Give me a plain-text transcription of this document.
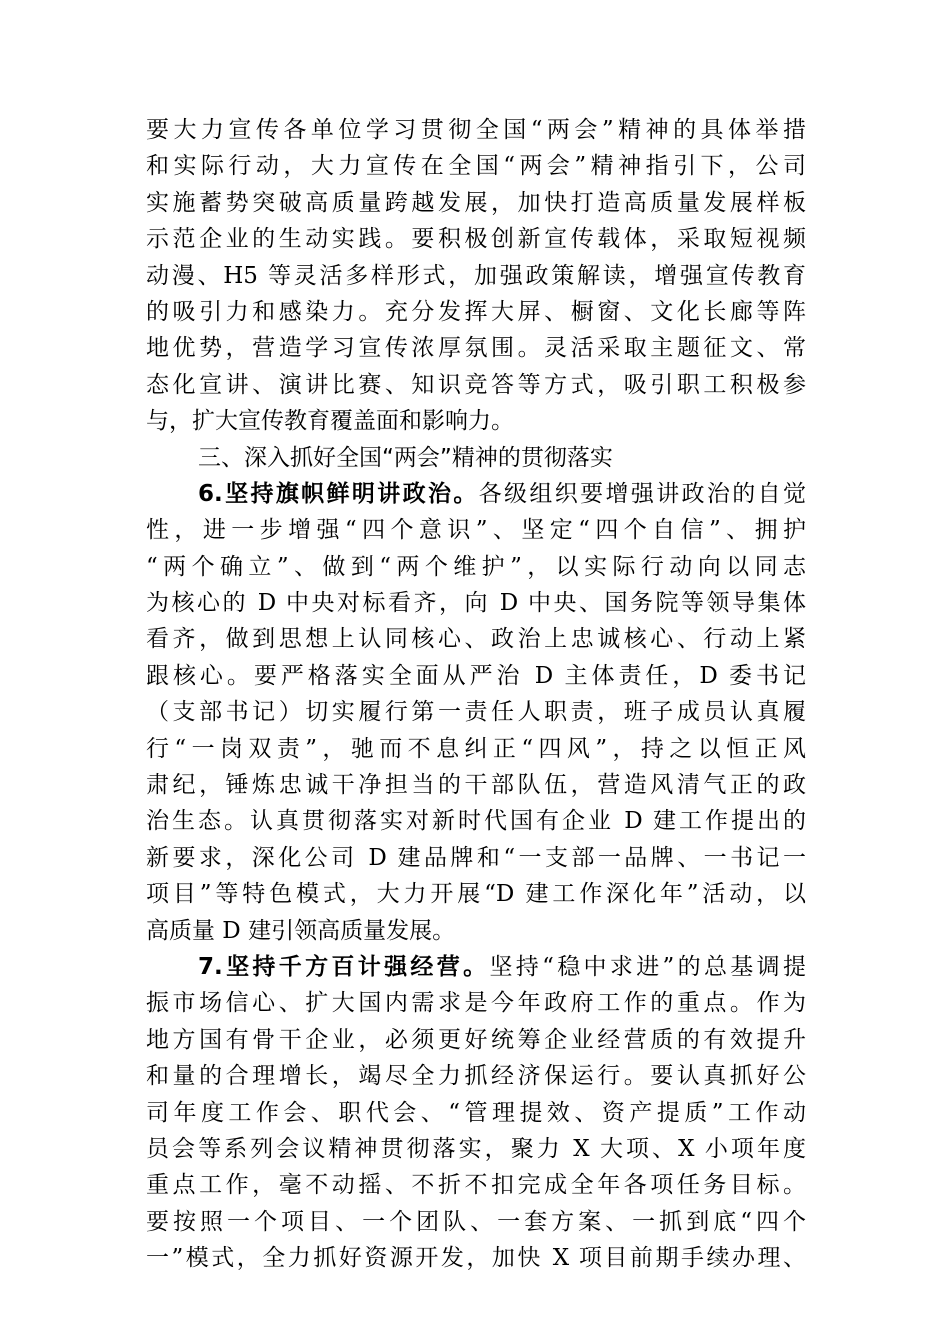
要大力宣传各单位学习贯彻全国“两会”精神的具体举措
和实际行动，大力宣传在全国“两会”精神指引下，公司
实施蓄势突破高质量跨越发展，加快打造高质量发展样板
示范企业的生动实践。要积极创新宣传载体，采取短视频
动漫、H5 等灵活多样形式，加强政策解读，增强宣传教育
的吸引力和感染力。充分发挥大屏、橱窗、文化长廊等阵
地优势，营造学习宣传浓厚氛围。灵活采取主题征文、常
态化宣讲、演讲比赛、知识竞答等方式，吸引职工积极参
与，扩大宣传教育覆盖面和影响力。
三、深入抓好全国“两会”精神的贯彻落实
6.坚持旗帜鲜明讲政治。各级组织要增强讲政治的自觉
性，进一步增强“四个意识”、坚定“四个自信”、拥护
“两个确立”、做到“两个维护”，以实际行动向以同志
为核心的 D 中央对标看齐，向 D 中央、国务院等领导集体
看齐，做到思想上认同核心、政治上忠诚核心、行动上紧
跟核心。要严格落实全面从严治 D 主体责任，D 委书记
（支部书记）切实履行第一责任人职责，班子成员认真履
行“一岗双责”，驰而不息纠正“四风”，持之以恒正风
肃纪，锤炼忠诚干净担当的干部队伍，营造风清气正的政
治生态。认真贯彻落实对新时代国有企业 D 建工作提出的
新要求，深化公司 D 建品牌和“一支部一品牌、一书记一
项目”等特色模式，大力开展“D 建工作深化年”活动，以
高质量 D 建引领高质量发展。
7.坚持千方百计强经营。坚持“稳中求进”的总基调提
振市场信心、扩大国内需求是今年政府工作的重点。作为
地方国有骨干企业，必须更好统筹企业经营质的有效提升
和量的合理增长，竭尽全力抓经济保运行。要认真抓好公
司年度工作会、职代会、“管理提效、资产提质”工作动
员会等系列会议精神贯彻落实，聚力 X 大项、X 小项年度
重点工作，毫不动摇、不折不扣完成全年各项任务目标。
要按照一个项目、一个团队、一套方案、一抓到底“四个
一”模式，全力抓好资源开发，加快 X 项目前期手续办理、
